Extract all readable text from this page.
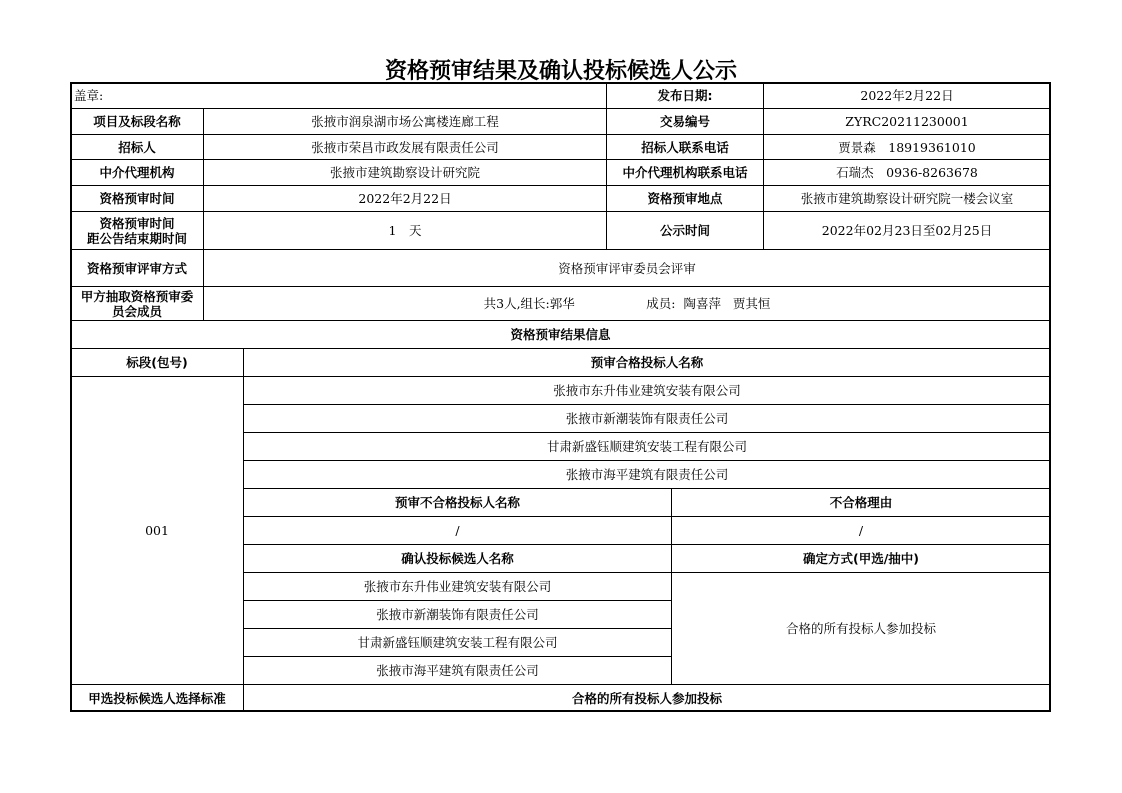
资格预审结果及确认投标候选人公示
盖章:	发布日期:	2022年2月22日
项目及标段名称	张掖市润泉湖市场公寓楼连廊工程	交易编号	ZYRC20211230001
招标人	张掖市荣昌市政发展有限责任公司	招标人联系电话	贾景森　18919361010
中介代理机构	张掖市建筑勘察设计研究院	中介代理机构联系电话	石瑞杰　0936-8263678
资格预审时间	2022年2月22日	资格预审地点	张掖市建筑勘察设计研究院一楼会议室
资格预审时间
距公告结束期时间	1　天	公示时间	2022年02月23日至02月25日
资格预审评审方式	资格预审评审委员会评审
甲方抽取资格预审委
员会成员	共3人,组长:郭华                  成员:  陶喜萍   贾其恒
资格预审结果信息
标段(包号)	预审合格投标人名称
001
张掖市东升伟业建筑安装有限公司
张掖市新潮装饰有限责任公司
甘肃新盛钰顺建筑安装工程有限公司
张掖市海平建筑有限责任公司
预审不合格投标人名称	不合格理由
/	/
确认投标候选人名称	确定方式(甲选/抽中)
张掖市东升伟业建筑安装有限公司
张掖市新潮装饰有限责任公司
甘肃新盛钰顺建筑安装工程有限公司
张掖市海平建筑有限责任公司
合格的所有投标人参加投标
甲选投标候选人选择标准	合格的所有投标人参加投标
